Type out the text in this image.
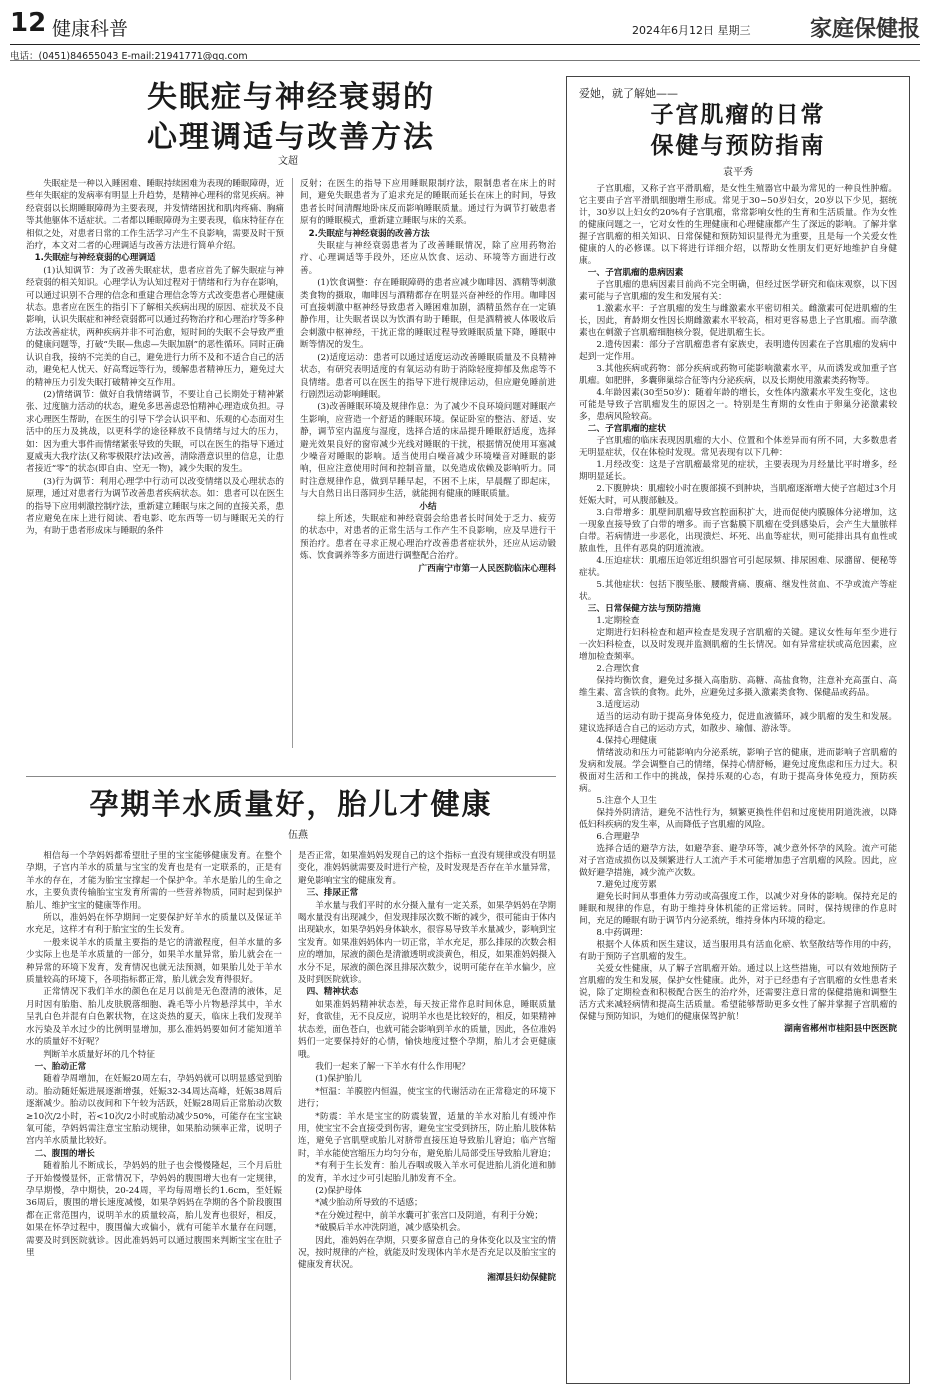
12 健康科普	2024年6月12日 星期三	家庭保健报
电话：(0451)84655043 E-mail:21941771@qq.com
失眠症与神经衰弱的
心理调适与改善方法
文超

失眠症是一种以入睡困难、睡眠持续困难为表现的睡眠障碍，近些年失眠症的发病率有明显上升趋势，是精神心理科的常见疾病。神经衰弱以长期睡眠障碍为主要表现，并发情绪困扰和肌肉疼痛、胸痛等其他躯体不适症状。二者都以睡眠障碍为主要表现，临床特征存在相似之处，对患者日常的工作生活学习产生不良影响，需要及时干预治疗，本文对二者的心理调适与改善方法进行简单介绍。

1.失眠症与神经衰弱的心理调适

(1)认知调节：为了改善失眠症状，患者应首先了解失眠症与神经衰弱的相关知识。心理学认为认知过程对于情绪和行为存在影响，可以通过识别不合理的信念和重建合理信念等方式改变患者心理健康状态。患者应在医生的指引下了解相关疾病出现的原因、症状及不良影响，认识失眠症和神经衰弱都可以通过药物治疗和心理治疗等多种方法改善症状，两种疾病并非不可治愈，短时间的失眠不会导致严重的健康问题等，打破“失眠—焦虑—失眠加剧”的恶性循环。同时正确认识自我，接纳不完美的自己，避免进行力所不及和不适合自己的活动，避免杞人忧天、好高骛远等行为，缓解患者精神压力，避免过大的精神压力引发失眠打破精神交互作用。

(2)情绪调节：做好自我情绪调节，不要让自己长期处于精神紧张、过度脑力活动的状态，避免多思善虑恐怕精神心理造成负担。寻求心理医生帮助，在医生的引导下学会认识平和、乐观的心态面对生活中的压力及挑战，以更科学的途径释放不良情绪与过大的压力，如：因为重大事件而情绪紧张导致的失眠，可以在医生的指导下通过夏威夷大我疗法(又称零极限疗法)改善，清除潜意识里的信息，让患者接近“零”的状态(即自由、空无一物)，减少失眠的发生。

(3)行为调节：利用心理学中行动可以改变情绪以及心理状态的原理，通过对患者行为调节改善患者疾病状态。如：患者可以在医生的指导下应用刺激控制疗法，重新建立睡眠与床之间的直接关系，患者应避免在床上进行阅读、看电影、吃东西等一切与睡眠无关的行为，有助于患者形成床与睡眠的条件

反射；在医生的指导下应用睡眠限制疗法，限制患者在床上的时间，避免失眠患者为了追求充足的睡眠而延长在床上的时间，导致患者长时间清醒地卧床反而影响睡眠质量。通过行为调节打破患者原有的睡眠模式，重新建立睡眠与床的关系。

2.失眠症与神经衰弱的改善方法

失眠症与神经衰弱患者为了改善睡眠情况，除了应用药物治疗、心理调适等手段外，还应从饮食、运动、环境等方面进行改善。

(1)饮食调整：存在睡眠障碍的患者应减少咖啡因、酒精等刺激类食物的摄取，咖啡因与酒精都存在明显兴奋神经的作用。咖啡因可直接刺激中枢神经导致患者入睡困难加剧，酒精虽然存在一定镇静作用，让失眠者误以为饮酒有助于睡眠，但是酒精被人体吸收后会刺激中枢神经，干扰正常的睡眠过程导致睡眠质量下降，睡眠中断等情况的发生。

(2)适度运动：患者可以通过适度运动改善睡眠质量及不良精神状态，有研究表明适度的有氧运动有助于消除轻度抑郁及焦虑等不良情绪。患者可以在医生的指导下进行规律运动，但应避免睡前进行剧烈运动影响睡眠。

(3)改善睡眠环境及规律作息：为了减少不良环境问题对睡眠产生影响，应营造一个舒适的睡眠环境。保证卧室的整洁、舒适、安静，调节室内温度与湿度，选择合适的床品提升睡眠舒适度，选择避光效果良好的窗帘减少光线对睡眠的干扰，根据情况使用耳塞减少噪音对睡眠的影响。适当使用白噪音减少环境噪音对睡眠的影响，但应注意使用时间和控制音量，以免造成依赖及影响听力。同时注意规律作息，做到早睡早起，不困不上床，早晨醒了即起床，与大自然日出日落同步生活，就能拥有健康的睡眠质量。

小结

综上所述，失眠症和神经衰弱会给患者长时间处于乏力、疲劳的状态中，对患者的正常生活与工作产生不良影响，应及早进行干预治疗。患者在寻求正规心理治疗改善患者症状外，还应从运动锻炼、饮食调养等多方面进行调整配合治疗。

广西南宁市第一人民医院临床心理科

孕期羊水质量好，胎儿才健康
伍燕

相信每一个孕妈妈都希望肚子里的宝宝能够健康发育。在整个孕期，子宫内羊水的质量与宝宝的发育也是有一定联系的，正是有羊水的存在，才能为胎宝宝撑起一个保护伞。羊水是胎儿的生命之水，主要负责传输胎宝宝发育所需的一些营养物质，同时起到保护胎儿、维护宝宝的健康等作用。

所以，准妈妈在怀孕期间一定要保护好羊水的质量以及保证羊水充足，这样才有利于胎宝宝的生长发育。

一般来说羊水的质量主要指的是它的清澈程度，但羊水量的多少实际上也是羊水质量的一部分，如果羊水量异常，胎儿就会在一种异常的环境下发育，发育情况也就无法预测，如果胎儿处于羊水质量较高的环境下，各项指标都正常，胎儿就会发育得很好。

正常情况下我们羊水的颜色在足月以前是无色澄清的液体，足月时因有胎脂、胎儿皮肤脱落细胞、毳毛等小片物悬浮其中，羊水呈乳白色并混有白色絮状物，在这炎热的夏天，临床上我们发现羊水污染及羊水过少的比例明显增加，那么准妈妈要如何才能知道羊水的质量好不好呢？

判断羊水质量好坏的几个特征

一、胎动正常

随着孕周增加，在妊娠20周左右，孕妈妈就可以明显感觉到胎动。胎动随妊娠进展逐渐增强，妊娠32-34周达高峰，妊娠38周后逐渐减少。胎动以夜间和下午较为活跃，妊娠28周后正常胎动次数≥10次/2小时，若<10次/2小时或胎动减少50%，可能存在宝宝缺氧可能，孕妈妈需注意宝宝胎动规律，如果胎动频率正常，说明子宫内羊水质量比较好。

二、腹围的增长

随着胎儿不断成长，孕妈妈的肚子也会慢慢隆起，三个月后肚子开始慢慢显怀，正常情况下，孕妈妈的腹围增大也有一定规律，孕早期慢，孕中期快，20-24周，平均每周增长约1.6cm，至妊娠36周后，腹围的增长速度减慢，如果孕妈妈在孕期的各个阶段腹围都在正常范围内，说明羊水的质量较高，胎儿发育也很好，相反，如果在怀孕过程中，腹围偏大或偏小，就有可能羊水量存在问题，需要及时到医院就诊。因此准妈妈可以通过腹围来判断宝宝在肚子里

是否正常，如果准妈妈发现自己的这个指标一直没有规律或没有明显变化，准妈妈就需要及时进行产检，及时发现是否存在羊水量异常，避免影响宝宝的健康发育。

三、排尿正常

羊水量与我们平时的水分摄入量有一定关系，如果孕妈妈在孕期喝水量没有出现减少，但发现排尿次数不断的减少，很可能由于体内出现缺水，如果孕妈妈身体缺水，很容易导致羊水量减少，影响到宝宝发育。如果准妈妈体内一切正常，羊水充足，那么排尿的次数会相应的增加，尿液的颜色是清澈透明或淡黄色，相反，如果准妈妈摄入水分不足，尿液的颜色深且排尿次数少，说明可能存在羊水偏少，应及时到医院就诊。

四、精神状态

如果准妈妈精神状态差，每天按正常作息时间休息，睡眠质量好，食欲佳，无不良反应，说明羊水也是比较好的，相反，如果精神状态差，面色苍白，也就可能会影响到羊水的质量，因此，各位准妈妈们一定要保持好的心情，愉快地度过整个孕期，胎儿才会更健康哦。

我们一起来了解一下羊水有什么作用呢？

(1)保护胎儿

*恒温：羊膜腔内恒温，使宝宝的代谢活动在正常稳定的环境下进行；

*防震：羊水是宝宝的防震装置，适量的羊水对胎儿有缓冲作用，使宝宝不会直接受到伤害，避免宝宝受到挤压，防止胎儿肢体粘连，避免子宫肌壁或胎儿对脐带直接压迫导致胎儿窘迫；临产宫缩时，羊水能使宫缩压力均匀分布，避免胎儿局部受压导致胎儿窘迫；

*有利于生长发育：胎儿吞咽或吸入羊水可促进胎儿消化道和肺的发育，羊水过少可引起胎儿肺发育不全。

(2)保护母体

*减少胎动所导致的不适感；

*在分娩过程中，前羊水囊可扩张宫口及阴道，有利于分娩；

*破膜后羊水冲洗阴道，减少感染机会。

因此，准妈妈在孕期，只要多留意自己的身体变化以及宝宝的情况，按时规律的产检，就能及时发现体内羊水是否充足以及胎宝宝的健康发育状况。

湘潭县妇幼保健院

爱她，就了解她——
子宫肌瘤的日常
保健与预防指南
袁平秀

子宫肌瘤，又称子宫平滑肌瘤，是女性生殖器官中最为常见的一种良性肿瘤。它主要由子宫平滑肌细胞增生形成。常见于30~50岁妇女，20岁以下少见，据统计，30岁以上妇女约20%有子宫肌瘤，常常影响女性的生育和生活质量。作为女性的健康问题之一，它对女性的生理健康和心理健康都产生了深远的影响。了解并掌握子宫肌瘤的相关知识、日常保健和预防知识显得尤为重要，且是每一个关爱女性健康的人的必修课。以下将进行详细介绍，以帮助女性朋友们更好地维护自身健康。

一、子宫肌瘤的患病因素

子宫肌瘤的患病因素目前尚不完全明确，但经过医学研究和临床观察，以下因素可能与子宫肌瘤的发生和发展有关：

1.激素水平：子宫肌瘤的发生与雌激素水平密切相关。雌激素可促进肌瘤的生长，因此，育龄期女性因长期雌激素水平较高，相对更容易患上子宫肌瘤。而孕激素也在刺激子宫肌瘤细胞核分裂，促进肌瘤生长。

2.遗传因素：部分子宫肌瘤患者有家族史，表明遗传因素在子宫肌瘤的发病中起到一定作用。

3.其他疾病或药物：部分疾病或药物可能影响激素水平，从而诱发或加重子宫肌瘤。如肥胖，多囊卵巢综合征等内分泌疾病，以及长期使用激素类药物等。

4.年龄因素(30至50岁)：随着年龄的增长，女性体内激素水平发生变化，这也可能是导致子宫肌瘤发生的原因之一。特别是生育期的女性由于卵巢分泌激素较多，患病风险较高。

二、子宫肌瘤的症状

子宫肌瘤的临床表现因肌瘤的大小、位置和个体差异而有所不同，大多数患者无明显症状，仅在体检时发现。常见表现有以下几种：

1.月经改变：这是子宫肌瘤最常见的症状，主要表现为月经量比平时增多，经期明显延长。

2.下腹肿块：肌瘤较小时在腹部摸不到肿块，当肌瘤逐渐增大使子宫超过3个月妊娠大时，可从腹部触及。

3.白带增多：肌壁间肌瘤导致宫腔面积扩大，进而促使内膜腺体分泌增加，这一现象直接导致了白带的增多。而子宫黏膜下肌瘤在受到感染后，会产生大量脓样白带。若病情进一步恶化，出现溃烂、坏死、出血等症状，则可能排出具有血性或脓血性，且伴有恶臭的阴道流液。

4.压迫症状：肌瘤压迫邻近组织器官可引起尿频、排尿困难、尿潴留、便秘等症状。

5.其他症状：包括下腹坠胀、腰酸背痛、腹痛、继发性贫血、不孕或流产等症状。

三、日常保健方法与预防措施

1.定期检查

定期进行妇科检查和超声检查是发现子宫肌瘤的关键。建议女性每年至少进行一次妇科检查，以及时发现并监测肌瘤的生长情况。如有异常症状或高危因素，应增加检查频率。

2.合理饮食

保持均衡饮食，避免过多摄入高脂肪、高糖、高盐食物，注意补充高蛋白、高维生素、富含铁的食物。此外，应避免过多摄入激素类食物、保健品或药品。

3.适度运动

适当的运动有助于提高身体免疫力，促进血液循环，减少肌瘤的发生和发展。建议选择适合自己的运动方式，如散步、瑜伽、游泳等。

4.保持心理健康

情绪波动和压力可能影响内分泌系统，影响子宫的健康，进而影响子宫肌瘤的发病和发展。学会调整自己的情绪，保持心情舒畅，避免过度焦虑和压力过大。积极面对生活和工作中的挑战，保持乐观的心态，有助于提高身体免疫力，预防疾病。

5.注意个人卫生

保持外阴清洁，避免不洁性行为，频繁更换性伴侣和过度使用阴道洗液，以降低妇科疾病的发生率，从而降低子宫肌瘤的风险。

6.合理避孕

选择合适的避孕方法，如避孕套、避孕环等，减少意外怀孕的风险。流产可能对子宫造成损伤以及频繁进行人工流产手术可能增加患子宫肌瘤的风险。因此，应做好避孕措施，减少流产次数。

7.避免过度劳累

避免长时间从事重体力劳动或高强度工作，以减少对身体的影响。保持充足的睡眠和规律的作息，有助于维持身体机能的正常运转。同时，保持规律的作息时间，充足的睡眠有助于调节内分泌系统，维持身体内环境的稳定。

8.中药调理：

根据个人体质和医生建议，适当服用具有活血化瘀、软坚散结等作用的中药，有助于预防子宫肌瘤的发生。

关爱女性健康，从了解子宫肌瘤开始。通过以上这些措施，可以有效地预防子宫肌瘤的发生和发展，保护女性健康。此外，对于已经患有子宫肌瘤的女性患者来说，除了定期检查和积极配合医生的治疗外，还需要注意日常的保健措施和调整生活方式来减轻病情和提高生活质量。希望能够帮助更多女性了解并掌握子宫肌瘤的保健与预防知识，为她们的健康保驾护航！

湖南省郴州市桂阳县中医医院
